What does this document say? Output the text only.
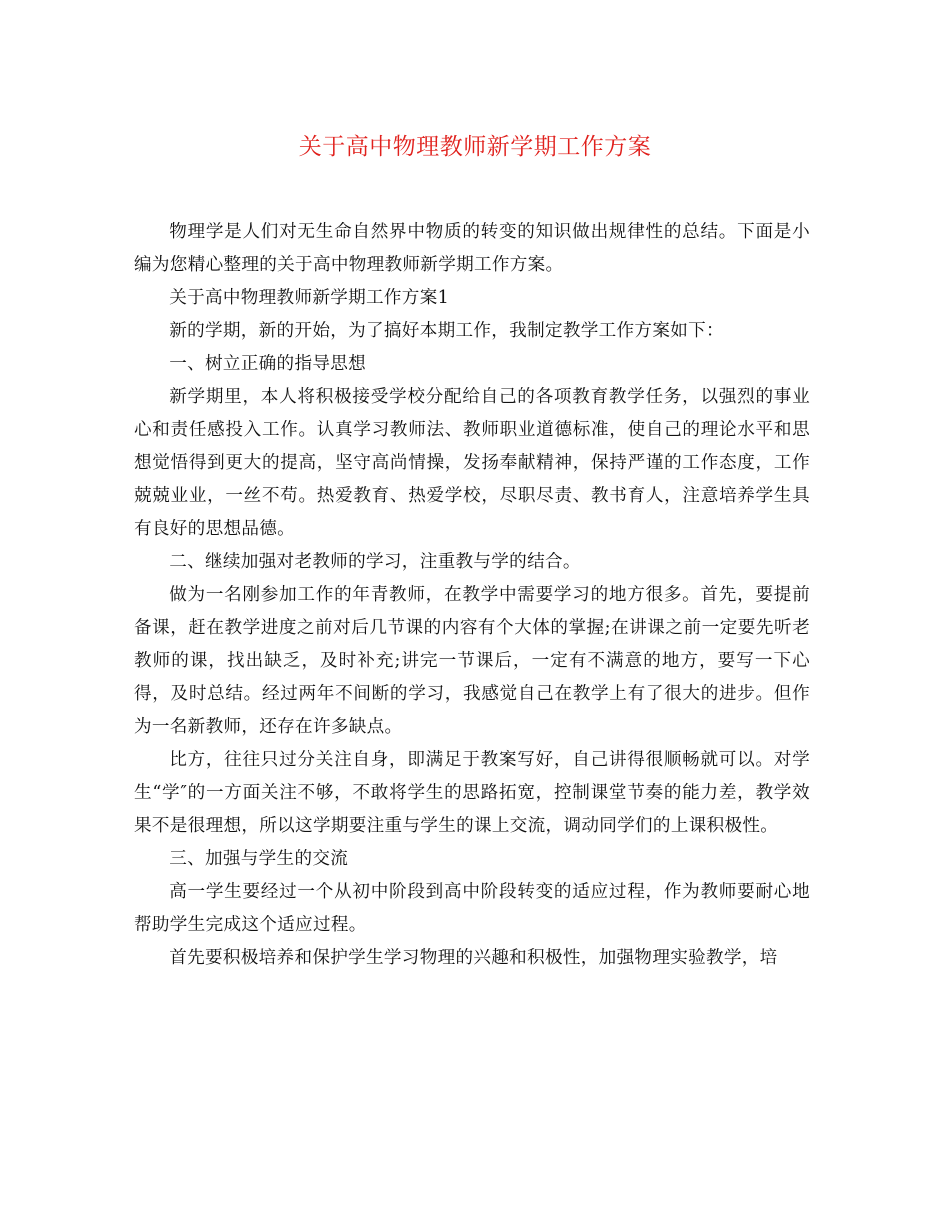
关于高中物理教师新学期工作方案

物理学是人们对无生命自然界中物质的转变的知识做出规律性的总结。下面是小编为您精心整理的关于高中物理教师新学期工作方案。

关于高中物理教师新学期工作方案1

新的学期，新的开始，为了搞好本期工作，我制定教学工作方案如下：

一、树立正确的指导思想

新学期里，本人将积极接受学校分配给自己的各项教育教学任务，以强烈的事业心和责任感投入工作。认真学习教师法、教师职业道德标准，使自己的理论水平和思想觉悟得到更大的提高，坚守高尚情操，发扬奉献精神，保持严谨的工作态度，工作兢兢业业，一丝不苟。热爱教育、热爱学校，尽职尽责、教书育人，注意培养学生具有良好的思想品德。

二、继续加强对老教师的学习，注重教与学的结合。

做为一名刚参加工作的年青教师，在教学中需要学习的地方很多。首先，要提前备课，赶在教学进度之前对后几节课的内容有个大体的掌握;在讲课之前一定要先听老教师的课，找出缺乏，及时补充;讲完一节课后，一定有不满意的地方，要写一下心得，及时总结。经过两年不间断的学习，我感觉自己在教学上有了很大的进步。但作为一名新教师，还存在许多缺点。

比方，往往只过分关注自身，即满足于教案写好，自己讲得很顺畅就可以。对学生“学″的一方面关注不够，不敢将学生的思路拓宽，控制课堂节奏的能力差，教学效果不是很理想，所以这学期要注重与学生的课上交流，调动同学们的上课积极性。

三、加强与学生的交流

高一学生要经过一个从初中阶段到高中阶段转变的适应过程，作为教师要耐心地帮助学生完成这个适应过程。

首先要积极培养和保护学生学习物理的兴趣和积极性，加强物理实验教学，培
